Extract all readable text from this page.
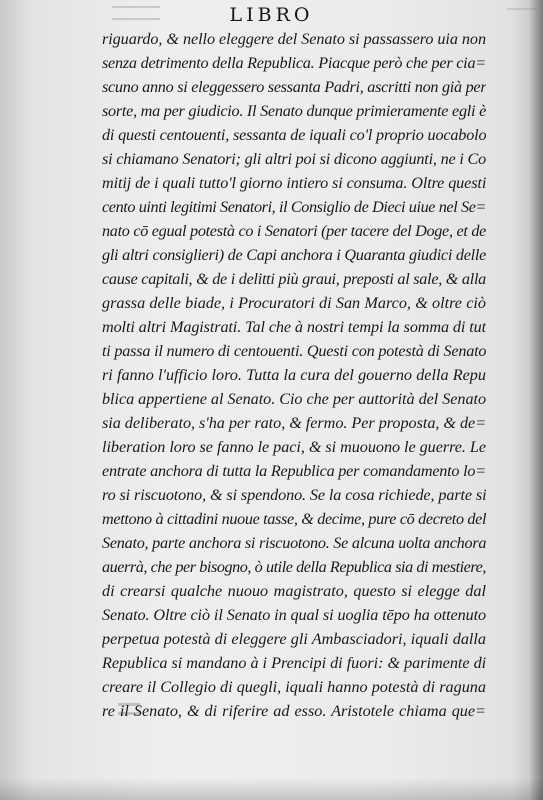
LIBRO
riguardo, & nello eleggere del Senato si passassero uia non
senza detrimento della Republica. Piacque però che per cia=
scuno anno si eleggessero sessanta Padri, ascritti non già per
sorte, ma per giudicio. Il Senato dunque primieramente egli è
di questi centouenti, sessanta de iquali co'l proprio uocabolo
si chiamano Senatori; gli altri poi si dicono aggiunti, ne i Co
mitij de i quali tutto'l giorno intiero si consuma. Oltre questi
cento uinti legitimi Senatori, il Consiglio de Dieci uiue nel Se=
nato cō egual potestà co i Senatori (per tacere del Doge, et de
gli altri consiglieri) de Capi anchora i Quaranta giudici delle
cause capitali, & de i delitti più graui, preposti al sale, & alla
grassa delle biade, i Procuratori di San Marco, & oltre ciò
molti altri Magistrati. Tal che à nostri tempi la somma di tut
ti passa il numero di centouenti. Questi con potestà di Senato
ri fanno l'ufficio loro. Tutta la cura del gouerno della Repu
blica appertiene al Senato. Cio che per auttorità del Senato
sia deliberato, s'ha per rato, & fermo. Per proposta, & de=
liberation loro se fanno le paci, & si muouono le guerre. Le
entrate anchora di tutta la Republica per comandamento lo=
ro si riscuotono, & si spendono. Se la cosa richiede, parte si
mettono à cittadini nuoue tasse, & decime, pure cō decreto del
Senato, parte anchora si riscuotono. Se alcuna uolta anchora
auerrà, che per bisogno, ò utile della Republica sia di mestiere,
di crearsi qualche nuouo magistrato, questo si elegge dal
Senato. Oltre ciò il Senato in qual si uoglia tēpo ha ottenuto
perpetua potestà di eleggere gli Ambasciadori, iquali dalla
Republica si mandano à i Prencipi di fuori: & parimente di
creare il Collegio di quegli, iquali hanno potestà di raguna
re il Senato, & di riferire ad esso. Aristotele chiama que=
